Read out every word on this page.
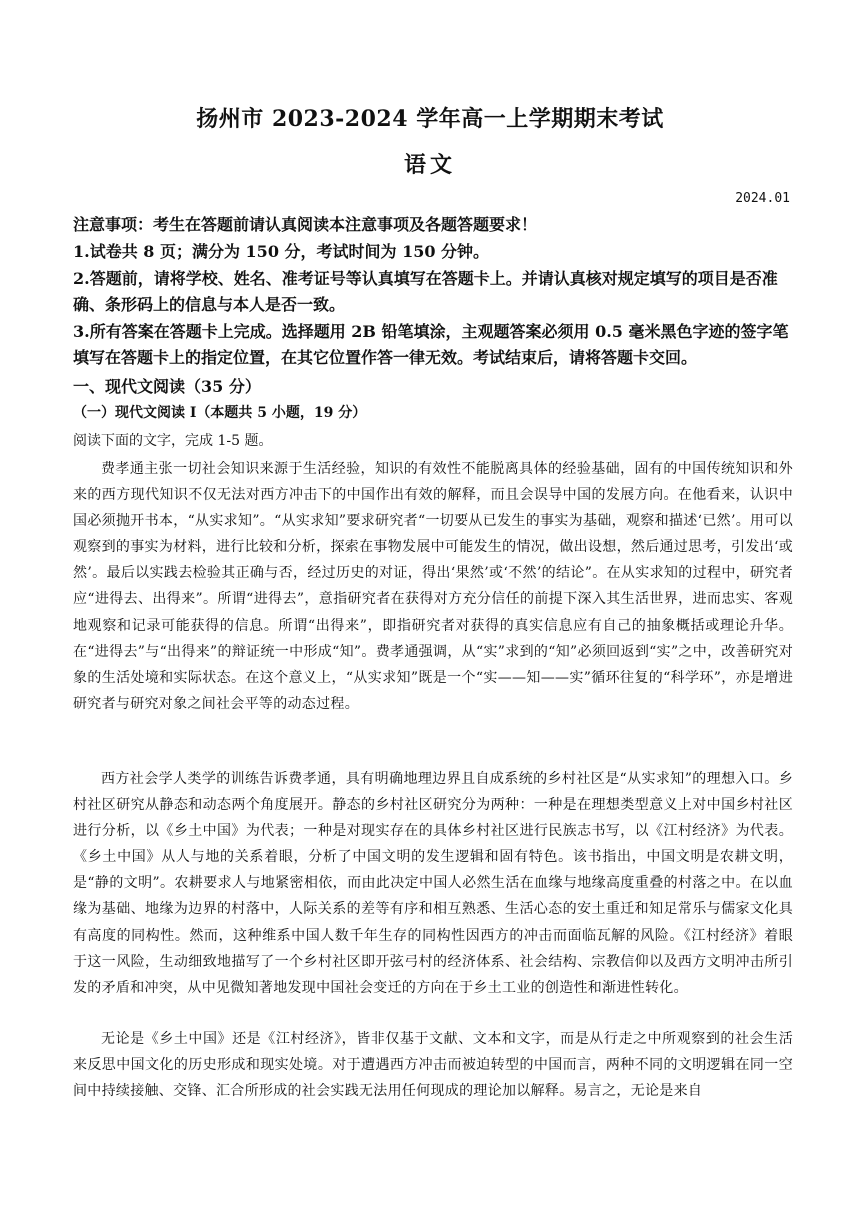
扬州市 2023-2024 学年高一上学期期末考试
语文
2024.01
注意事项：考生在答题前请认真阅读本注意事项及各题答题要求！
1.试卷共 8 页；满分为 150 分，考试时间为 150 分钟。
2.答题前，请将学校、姓名、准考证号等认真填写在答题卡上。并请认真核对规定填写的项目是否准确、条形码上的信息与本人是否一致。
3.所有答案在答题卡上完成。选择题用 2B 铅笔填涂，主观题答案必须用 0.5 毫米黑色字迹的签字笔填写在答题卡上的指定位置，在其它位置作答一律无效。考试结束后，请将答题卡交回。
一、现代文阅读（35 分）
（一）现代文阅读 I（本题共 5 小题，19 分）
阅读下面的文字，完成 1-5 题。
费孝通主张一切社会知识来源于生活经验，知识的有效性不能脱离具体的经验基础，固有的中国传统知识和外来的西方现代知识不仅无法对西方冲击下的中国作出有效的解释，而且会误导中国的发展方向。在他看来，认识中国必须抛开书本，“从实求知”。“从实求知”要求研究者“一切要从已发生的事实为基础，观察和描述‘已然’。用可以观察到的事实为材料，进行比较和分析，探索在事物发展中可能发生的情况，做出设想，然后通过思考，引发出‘或然’。最后以实践去检验其正确与否，经过历史的对证，得出‘果然’或‘不然’的结论”。在从实求知的过程中，研究者应“进得去、出得来”。所谓“进得去”，意指研究者在获得对方充分信任的前提下深入其生活世界，进而忠实、客观地观察和记录可能获得的信息。所谓“出得来”，即指研究者对获得的真实信息应有自己的抽象概括或理论升华。在“进得去”与“出得来”的辩证统一中形成“知”。费孝通强调，从“实”求到的“知”必须回返到“实”之中，改善研究对象的生活处境和实际状态。在这个意义上，“从实求知”既是一个“实——知——实”循环往复的“科学环”，亦是增进研究者与研究对象之间社会平等的动态过程。
西方社会学人类学的训练告诉费孝通，具有明确地理边界且自成系统的乡村社区是“从实求知”的理想入口。乡村社区研究从静态和动态两个角度展开。静态的乡村社区研究分为两种：一种是在理想类型意义上对中国乡村社区进行分析，以《乡土中国》为代表；一种是对现实存在的具体乡村社区进行民族志书写，以《江村经济》为代表。《乡土中国》从人与地的关系着眼，分析了中国文明的发生逻辑和固有特色。该书指出，中国文明是农耕文明，是“静的文明”。农耕要求人与地紧密相依，而由此决定中国人必然生活在血缘与地缘高度重叠的村落之中。在以血缘为基础、地缘为边界的村落中，人际关系的差等有序和相互熟悉、生活心态的安土重迁和知足常乐与儒家文化具有高度的同构性。然而，这种维系中国人数千年生存的同构性因西方的冲击而面临瓦解的风险。《江村经济》着眼于这一风险，生动细致地描写了一个乡村社区即开弦弓村的经济体系、社会结构、宗教信仰以及西方文明冲击所引发的矛盾和冲突，从中见微知著地发现中国社会变迁的方向在于乡土工业的创造性和渐进性转化。
无论是《乡土中国》还是《江村经济》，皆非仅基于文献、文本和文字，而是从行走之中所观察到的社会生活来反思中国文化的历史形成和现实处境。对于遭遇西方冲击而被迫转型的中国而言，两种不同的文明逻辑在同一空间中持续接触、交锋、汇合所形成的社会实践无法用任何现成的理论加以解释。易言之，无论是来自
